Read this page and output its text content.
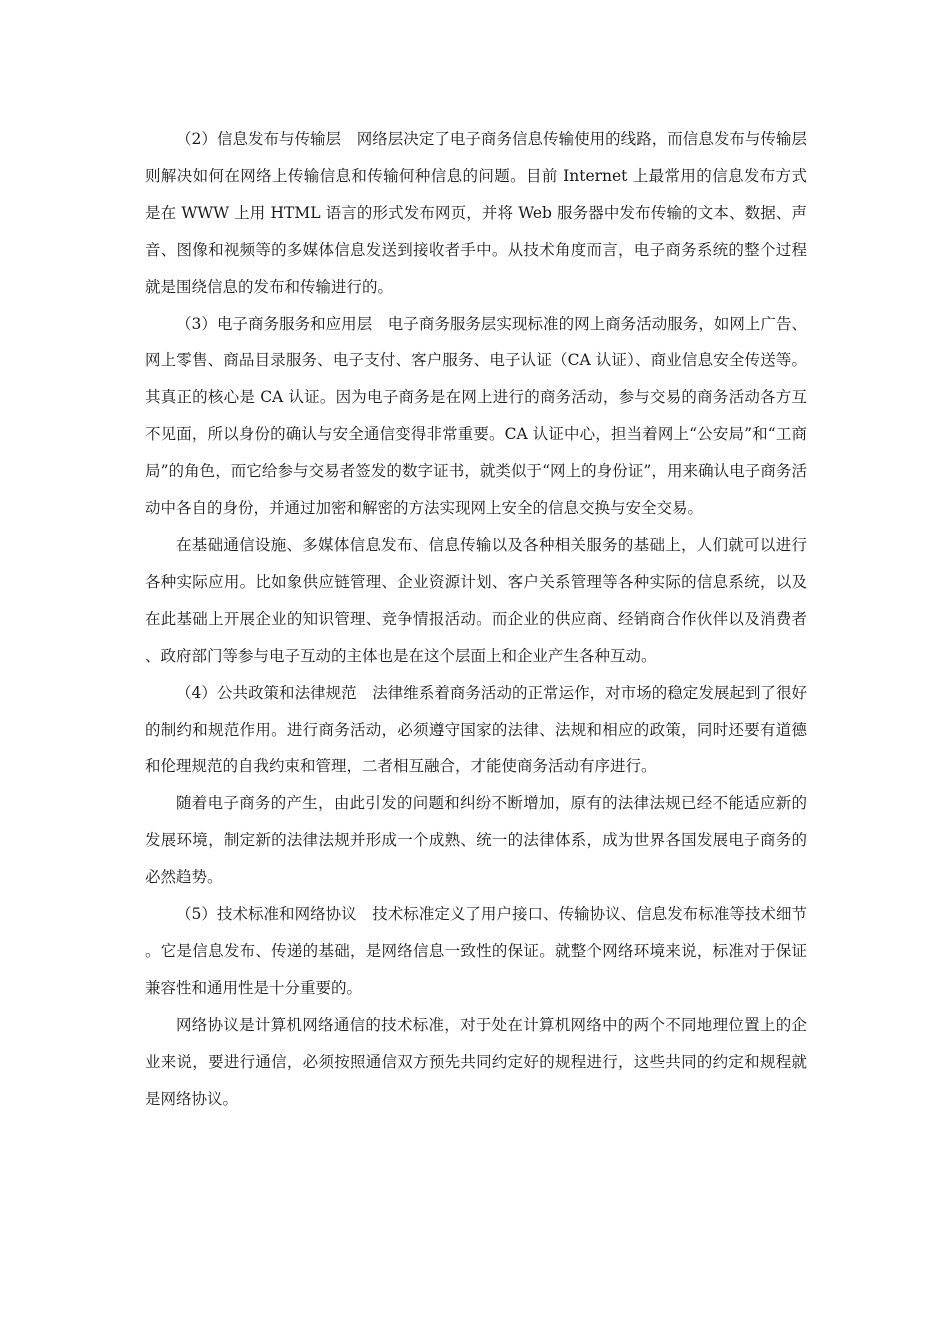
（2）信息发布与传输层　网络层决定了电子商务信息传输使用的线路，而信息发布与传输层则解决如何在网络上传输信息和传输何种信息的问题。目前 Internet 上最常用的信息发布方式是在 WWW 上用 HTML 语言的形式发布网页，并将 Web 服务器中发布传输的文本、数据、声音、图像和视频等的多媒体信息发送到接收者手中。从技术角度而言，电子商务系统的整个过程就是围绕信息的发布和传输进行的。

（3）电子商务服务和应用层　电子商务服务层实现标准的网上商务活动服务，如网上广告、网上零售、商品目录服务、电子支付、客户服务、电子认证（CA 认证）、商业信息安全传送等。其真正的核心是 CA 认证。因为电子商务是在网上进行的商务活动，参与交易的商务活动各方互不见面，所以身份的确认与安全通信变得非常重要。CA 认证中心，担当着网上“公安局”和“工商局”的角色，而它给参与交易者签发的数字证书，就类似于“网上的身份证”，用来确认电子商务活动中各自的身份，并通过加密和解密的方法实现网上安全的信息交换与安全交易。

在基础通信设施、多媒体信息发布、信息传输以及各种相关服务的基础上，人们就可以进行各种实际应用。比如象供应链管理、企业资源计划、客户关系管理等各种实际的信息系统，以及在此基础上开展企业的知识管理、竞争情报活动。而企业的供应商、经销商合作伙伴以及消费者、政府部门等参与电子互动的主体也是在这个层面上和企业产生各种互动。

（4）公共政策和法律规范　法律维系着商务活动的正常运作，对市场的稳定发展起到了很好的制约和规范作用。进行商务活动，必须遵守国家的法律、法规和相应的政策，同时还要有道德和伦理规范的自我约束和管理，二者相互融合，才能使商务活动有序进行。

随着电子商务的产生，由此引发的问题和纠纷不断增加，原有的法律法规已经不能适应新的发展环境，制定新的法律法规并形成一个成熟、统一的法律体系，成为世界各国发展电子商务的必然趋势。

（5）技术标准和网络协议　技术标准定义了用户接口、传输协议、信息发布标准等技术细节。它是信息发布、传递的基础，是网络信息一致性的保证。就整个网络环境来说，标准对于保证兼容性和通用性是十分重要的。

网络协议是计算机网络通信的技术标准，对于处在计算机网络中的两个不同地理位置上的企业来说，要进行通信，必须按照通信双方预先共同约定好的规程进行，这些共同的约定和规程就是网络协议。
